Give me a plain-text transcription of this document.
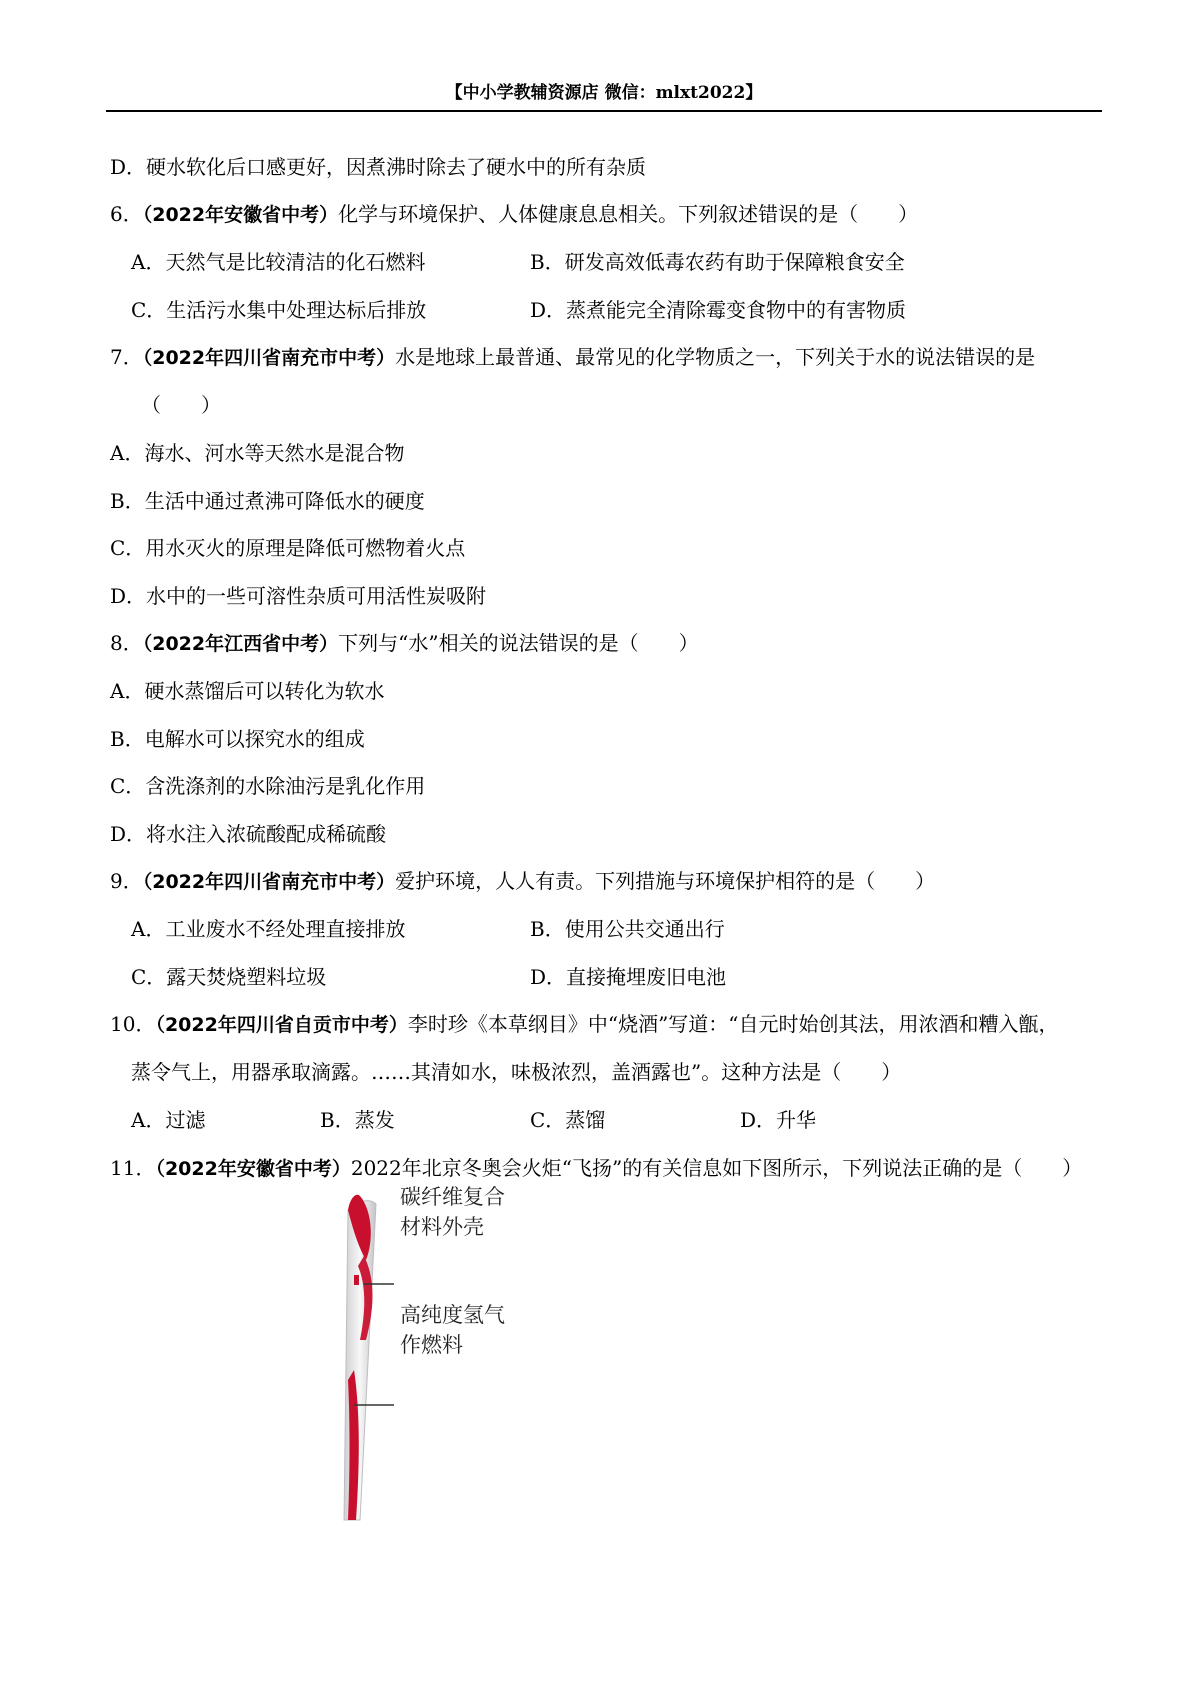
【中小学教辅资源店 微信：mlxt2022】
D．硬水软化后口感更好，因煮沸时除去了硬水中的所有杂质
6．（2022年安徽省中考）化学与环境保护、人体健康息息相关。下列叙述错误的是（　　）
A．天然气是比较清洁的化石燃料	B．研发高效低毒农药有助于保障粮食安全
C．生活污水集中处理达标后排放	D．蒸煮能完全清除霉变食物中的有害物质
7．（2022年四川省南充市中考）水是地球上最普通、最常见的化学物质之一，下列关于水的说法错误的是
（　　）
A．海水、河水等天然水是混合物
B．生活中通过煮沸可降低水的硬度
C．用水灭火的原理是降低可燃物着火点
D．水中的一些可溶性杂质可用活性炭吸附
8．（2022年江西省中考）下列与“水”相关的说法错误的是（　　）
A．硬水蒸馏后可以转化为软水
B．电解水可以探究水的组成
C．含洗涤剂的水除油污是乳化作用
D．将水注入浓硫酸配成稀硫酸
9．（2022年四川省南充市中考）爱护环境，人人有责。下列措施与环境保护相符的是（　　）
A．工业废水不经处理直接排放	B．使用公共交通出行
C．露天焚烧塑料垃圾	D．直接掩埋废旧电池
10．（2022年四川省自贡市中考）李时珍《本草纲目》中“烧酒”写道：“自元时始创其法，用浓酒和糟入甑，
蒸令气上，用器承取滴露。……其清如水，味极浓烈，盖酒露也”。这种方法是（　　）
A．过滤	B．蒸发	C．蒸馏	D．升华
11．（2022年安徽省中考）2022年北京冬奥会火炬“飞扬”的有关信息如下图所示，下列说法正确的是（　　）
碳纤维复合
材料外壳
高纯度氢气
作燃料
